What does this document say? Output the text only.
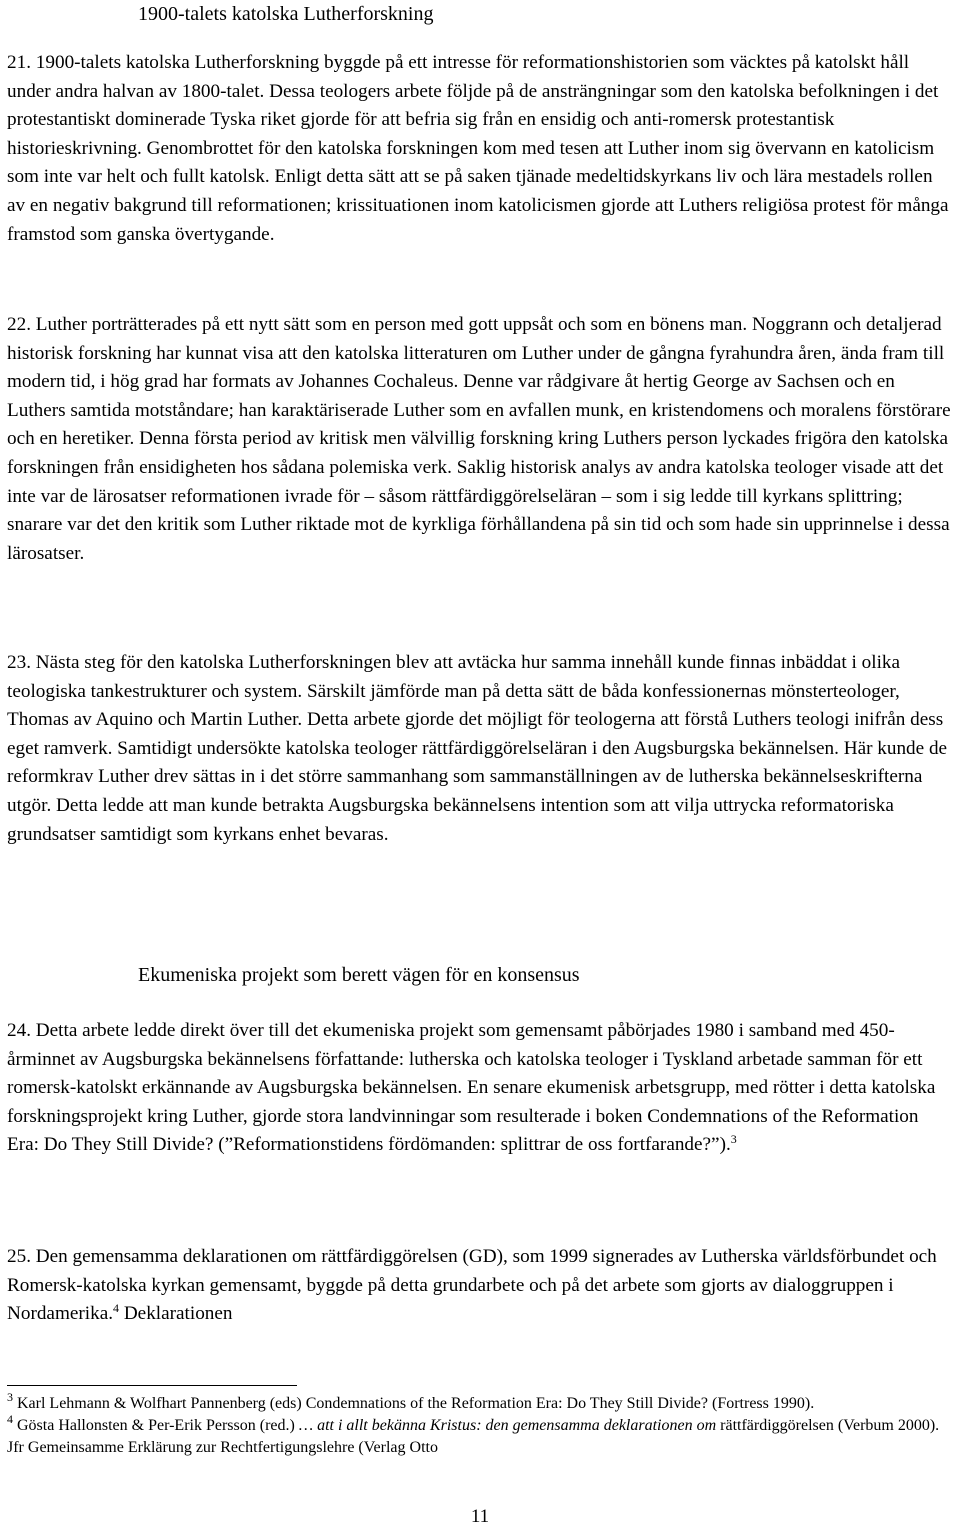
1900-talets katolska Lutherforskning

21. 1900-talets katolska Lutherforskning byggde på ett intresse för reformationshistorien som väcktes på katolskt håll under andra halvan av 1800-talet. Dessa teologers arbete följde på de ansträngningar som den katolska befolkningen i det protestantiskt dominerade Tyska riket gjorde för att befria sig från en ensidig och anti-romersk protestantisk historieskrivning. Genombrottet för den katolska forskningen kom med tesen att Luther inom sig övervann en katolicism som inte var helt och fullt katolsk. Enligt detta sätt att se på saken tjänade medeltidskyrkans liv och lära mestadels rollen av en negativ bakgrund till reformationen; krissituationen inom katolicismen gjorde att Luthers religiösa protest för många framstod som ganska övertygande.

22. Luther porträtterades på ett nytt sätt som en person med gott uppsåt och som en bönens man. Noggrann och detaljerad historisk forskning har kunnat visa att den katolska litteraturen om Luther under de gångna fyrahundra åren, ända fram till modern tid, i hög grad har formats av Johannes Cochaleus. Denne var rådgivare åt hertig George av Sachsen och en Luthers samtida motståndare; han karaktäriserade Luther som en avfallen munk, en kristendomens och moralens förstörare och en heretiker. Denna första period av kritisk men välvillig forskning kring Luthers person lyckades frigöra den katolska forskningen från ensidigheten hos sådana polemiska verk. Saklig historisk analys av andra katolska teologer visade att det inte var de lärosatser reformationen ivrade för – såsom rättfärdiggörelseläran – som i sig ledde till kyrkans splittring; snarare var det den kritik som Luther riktade mot de kyrkliga förhållandena på sin tid och som hade sin upprinnelse i dessa lärosatser.

23. Nästa steg för den katolska Lutherforskningen blev att avtäcka hur samma innehåll kunde finnas inbäddat i olika teologiska tankestrukturer och system. Särskilt jämförde man på detta sätt de båda konfessionernas mönsterteologer, Thomas av Aquino och Martin Luther. Detta arbete gjorde det möjligt för teologerna att förstå Luthers teologi inifrån dess eget ramverk. Samtidigt undersökte katolska teologer rättfärdiggörelseläran i den Augsburgska bekännelsen. Här kunde de reformkrav Luther drev sättas in i det större sammanhang som sammanställningen av de lutherska bekännelseskrifterna utgör. Detta ledde att man kunde betrakta Augsburgska bekännelsens intention som att vilja uttrycka reformatoriska grundsatser samtidigt som kyrkans enhet bevaras.

Ekumeniska projekt som berett vägen för en konsensus

24. Detta arbete ledde direkt över till det ekumeniska projekt som gemensamt påbörjades 1980 i samband med 450-årminnet av Augsburgska bekännelsens författande: lutherska och katolska teologer i Tyskland arbetade samman för ett romersk-katolskt erkännande av Augsburgska bekännelsen. En senare ekumenisk arbetsgrupp, med rötter i detta katolska forskningsprojekt kring Luther, gjorde stora landvinningar som resulterade i boken Condemnations of the Reformation Era: Do They Still Divide? (”Reformationstidens fördömanden: splittrar de oss fortfarande?”).$^3$

25. Den gemensamma deklarationen om rättfärdiggörelsen (GD), som 1999 signerades av Lutherska världsförbundet och Romersk-katolska kyrkan gemensamt, byggde på detta grundarbete och på det arbete som gjorts av dialoggruppen i Nordamerika.$^4$ Deklarationen

$^3$ Karl Lehmann & Wolfhart Pannenberg (eds) Condemnations of the Reformation Era: Do They Still Divide? (Fortress 1990).

$^4$ Gösta Hallonsten & Per-Erik Persson (red.) … att i allt bekänna Kristus: den gemensamma deklarationen om rättfärdiggörelsen (Verbum 2000). Jfr Gemeinsamme Erklärung zur Rechtfertigungslehre (Verlag Otto

11
